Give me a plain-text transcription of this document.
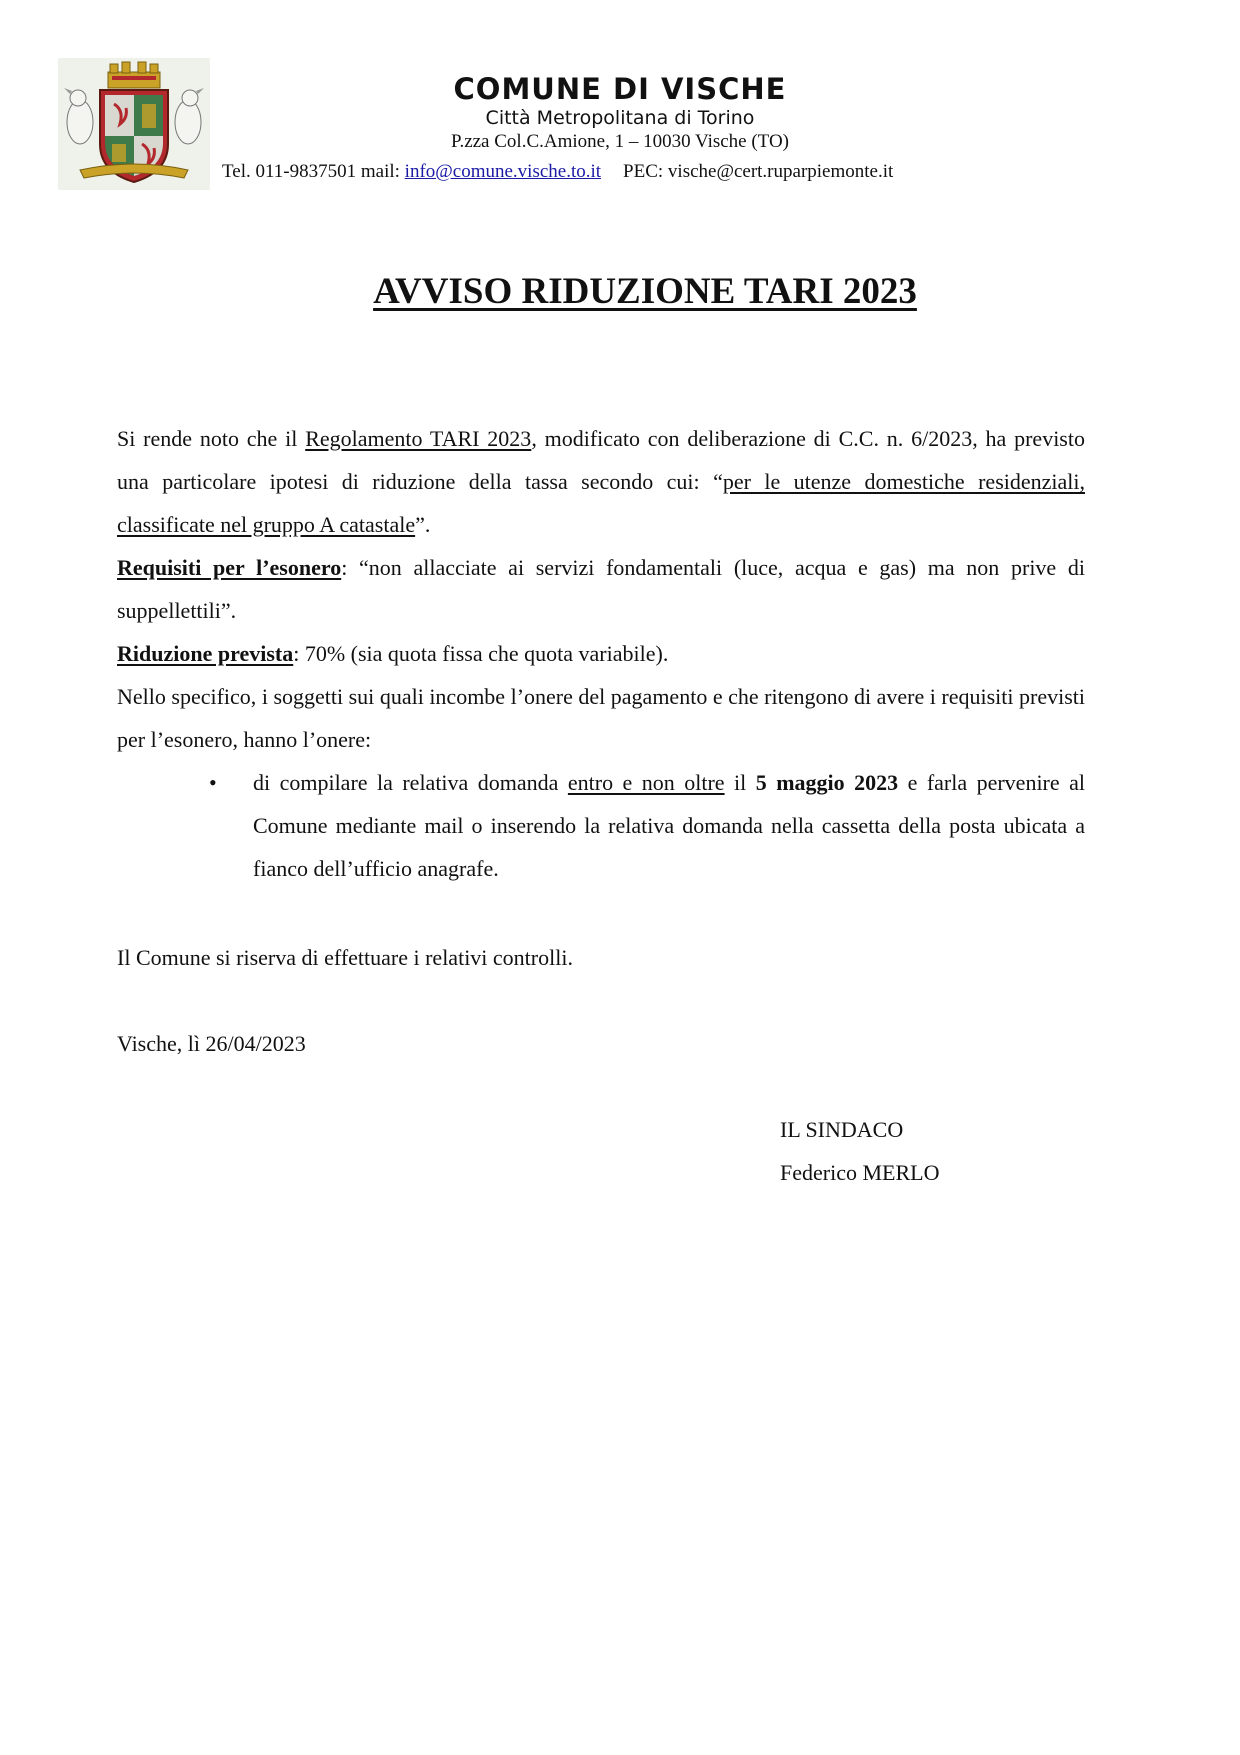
COMUNE DI VISCHE
Città Metropolitana di Torino
P.zza Col.C.Amione, 1 – 10030 Vische (TO)
Tel. 011-9837501 mail: info@comune.vische.to.it PEC: vische@cert.ruparpiemonte.it
AVVISO RIDUZIONE TARI 2023

Si rende noto che il Regolamento TARI 2023, modificato con deliberazione di C.C. n. 6/2023, ha previsto una particolare ipotesi di riduzione della tassa secondo cui: “per le utenze domestiche residenziali, classificate nel gruppo A catastale”.

Requisiti per l’esonero: “non allacciate ai servizi fondamentali (luce, acqua e gas) ma non prive di suppellettili”.

Riduzione prevista: 70% (sia quota fissa che quota variabile).

Nello specifico, i soggetti sui quali incombe l’onere del pagamento e che ritengono di avere i requisiti previsti per l’esonero, hanno l’onere:

• di compilare la relativa domanda entro e non oltre il 5 maggio 2023 e farla pervenire al Comune mediante mail o inserendo la relativa domanda nella cassetta della posta ubicata a fianco dell’ufficio anagrafe.
Il Comune si riserva di effettuare i relativi controlli.
Vische, lì 26/04/2023
IL SINDACO
Federico MERLO
